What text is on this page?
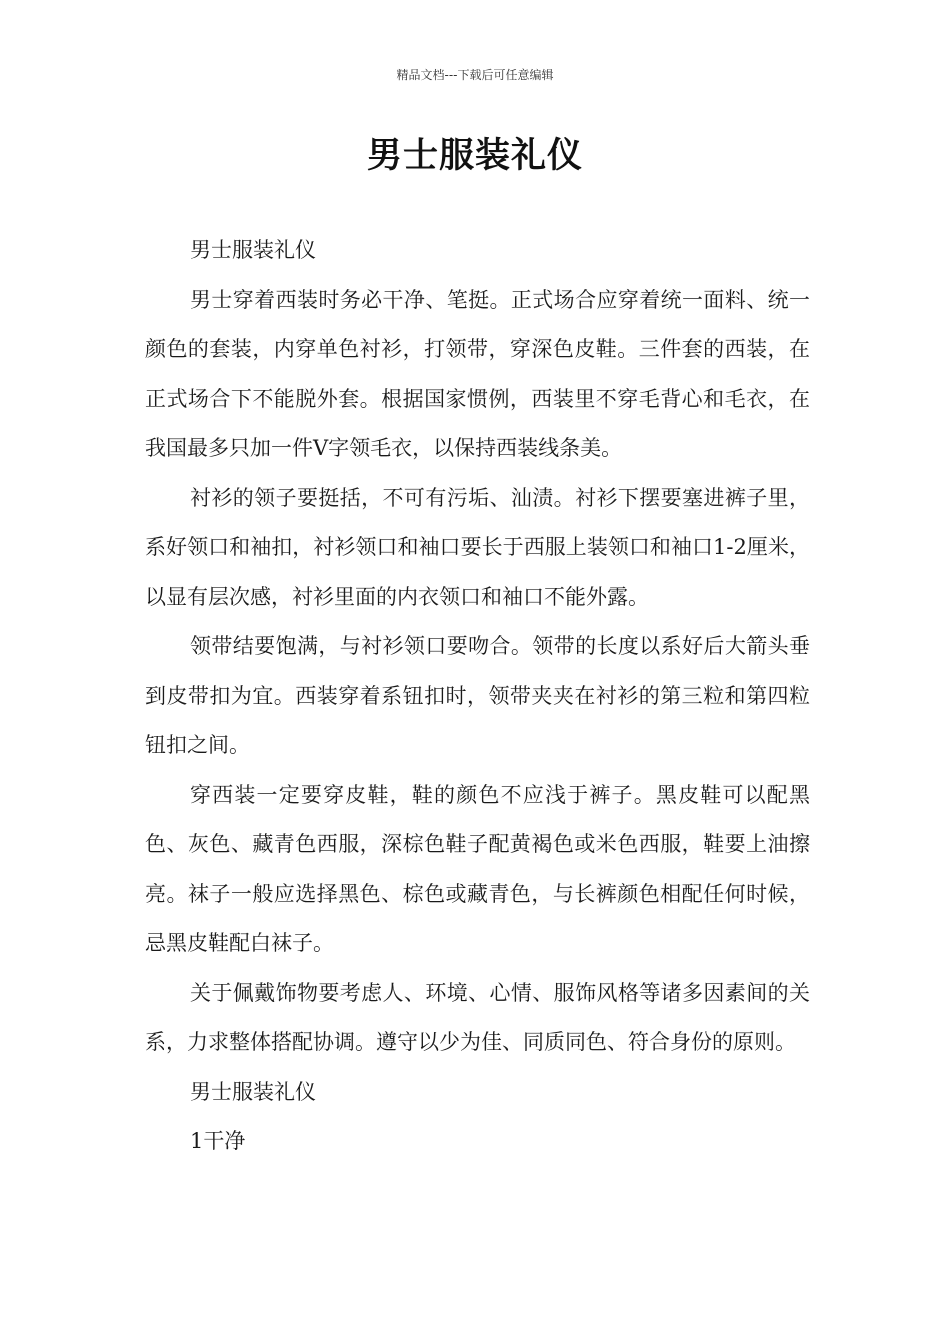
精品文档---下载后可任意编辑
男士服装礼仪

男士服装礼仪

男士穿着西装时务必干净、笔挺。正式场合应穿着统一面料、统一颜色的套装，内穿单色衬衫，打领带，穿深色皮鞋。三件套的西装，在正式场合下不能脱外套。根据国家惯例，西装里不穿毛背心和毛衣，在我国最多只加一件V字领毛衣，以保持西装线条美。

衬衫的领子要挺括，不可有污垢、汕渍。衬衫下摆要塞进裤子里，系好领口和袖扣，衬衫领口和袖口要长于西服上装领口和袖口1-2厘米，以显有层次感，衬衫里面的内衣领口和袖口不能外露。

领带结要饱满，与衬衫领口要吻合。领带的长度以系好后大箭头垂到皮带扣为宜。西装穿着系钮扣时，领带夹夹在衬衫的第三粒和第四粒钮扣之间。

穿西装一定要穿皮鞋，鞋的颜色不应浅于裤子。黑皮鞋可以配黑色、灰色、藏青色西服，深棕色鞋子配黄褐色或米色西服，鞋要上油擦亮。袜子一般应选择黑色、棕色或藏青色，与长裤颜色相配任何时候，忌黑皮鞋配白袜子。

关于佩戴饰物要考虑人、环境、心情、服饰风格等诸多因素间的关系，力求整体搭配协调。遵守以少为佳、同质同色、符合身份的原则。

男士服装礼仪

1干净
